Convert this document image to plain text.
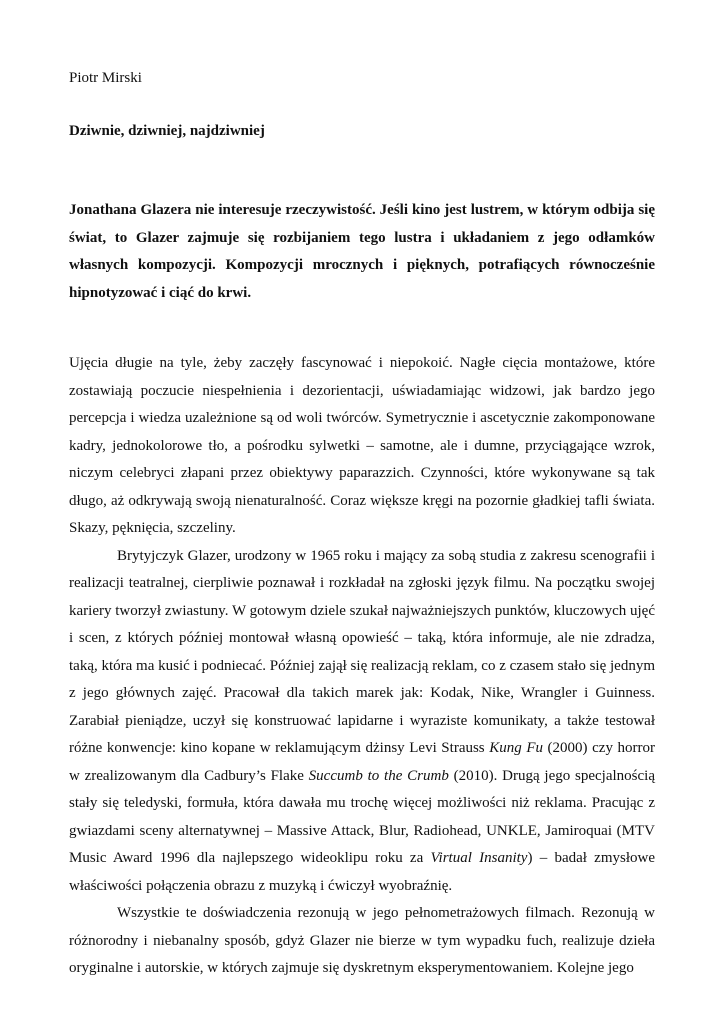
Piotr Mirski

Dziwnie, dziwniej, najdziwniej

Jonathana Glazera nie interesuje rzeczywistość. Jeśli kino jest lustrem, w którym odbija się świat, to Glazer zajmuje się rozbijaniem tego lustra i układaniem z jego odłamków własnych kompozycji. Kompozycji mrocznych i pięknych, potrafiących równocześnie hipnotyzować i ciąć do krwi.

Ujęcia długie na tyle, żeby zaczęły fascynować i niepokoić. Nagłe cięcia montażowe, które zostawiają poczucie niespełnienia i dezorientacji, uświadamiając widzowi, jak bardzo jego percepcja i wiedza uzależnione są od woli twórców. Symetrycznie i ascetycznie zakomponowane kadry, jednokolorowe tło, a pośrodku sylwetki – samotne, ale i dumne, przyciągające wzrok, niczym celebryci złapani przez obiektywy paparazzich. Czynności, które wykonywane są tak długo, aż odkrywają swoją nienaturalność. Coraz większe kręgi na pozornie gładkiej tafli świata. Skazy, pęknięcia, szczeliny.

Brytyjczyk Glazer, urodzony w 1965 roku i mający za sobą studia z zakresu scenografii i realizacji teatralnej, cierpliwie poznawał i rozkładał na zgłoski język filmu. Na początku swojej kariery tworzył zwiastuny. W gotowym dziele szukał najważniejszych punktów, kluczowych ujęć i scen, z których później montował własną opowieść – taką, która informuje, ale nie zdradza, taką, która ma kusić i podniecać. Później zajął się realizacją reklam, co z czasem stało się jednym z jego głównych zajęć. Pracował dla takich marek jak: Kodak, Nike, Wrangler i Guinness. Zarabiał pieniądze, uczył się konstruować lapidarne i wyraziste komunikaty, a także testował różne konwencje: kino kopane w reklamującym dżinsy Levi Strauss Kung Fu (2000) czy horror w zrealizowanym dla Cadbury’s Flake Succumb to the Crumb (2010). Drugą jego specjalnością stały się teledyski, formuła, która dawała mu trochę więcej możliwości niż reklama. Pracując z gwiazdami sceny alternatywnej – Massive Attack, Blur, Radiohead, UNKLE, Jamiroquai (MTV Music Award 1996 dla najlepszego wideoklipu roku za Virtual Insanity) – badał zmysłowe właściwości połączenia obrazu z muzyką i ćwiczył wyobraźnię.

Wszystkie te doświadczenia rezonują w jego pełnometrażowych filmach. Rezonują w różnorodny i niebanalny sposób, gdyż Glazer nie bierze w tym wypadku fuch, realizuje dzieła oryginalne i autorskie, w których zajmuje się dyskretnym eksperymentowaniem. Kolejne jego
